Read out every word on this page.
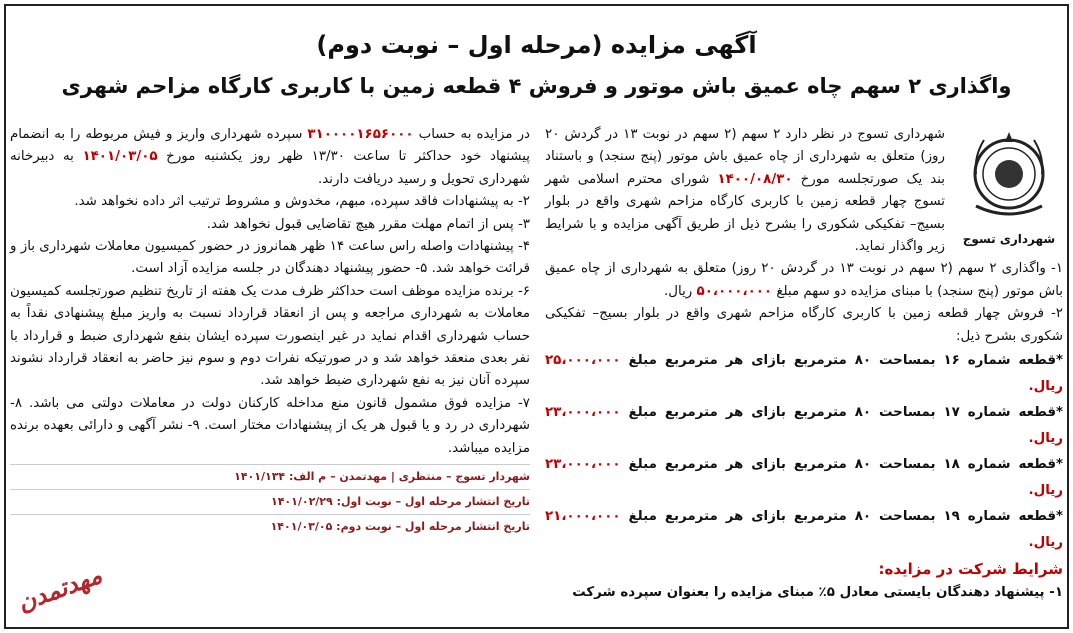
آگهی مزایده (مرحله اول – نوبت دوم)
واگذاری ۲ سهم چاه عمیق باش موتور و فروش ۴ قطعه زمین با کاربری کارگاه مزاحم شهری
شهرداری تسوج

شهرداری تسوج در نظر دارد ۲ سهم (۲ سهم در نوبت ۱۳ در گردش ۲۰ روز) متعلق به شهرداری از چاه عمیق باش موتور (پنج سنجد) و باستناد بند یک صورتجلسه مورخ ۱۴۰۰/۰۸/۳۰ شورای محترم اسلامی شهر تسوج چهار قطعه زمین با کاربری کارگاه مزاحم شهری واقع در بلوار بسیج– تفکیکی شکوری را بشرح ذیل از طریق آگهی مزایده و با شرایط زیر واگذار نماید.

۱- واگذاری ۲ سهم (۲ سهم در نوبت ۱۳ در گردش ۲۰ روز) متعلق به شهرداری از چاه عمیق باش موتور (پنج سنجد) با مبنای مزایده دو سهم مبلغ ۵۰،۰۰۰،۰۰۰ ریال.

۲- فروش چهار قطعه زمین با کاربری کارگاه مزاحم شهری واقع در بلوار بسیج– تفکیکی شکوری بشرح ذیل:

*قطعه شماره ۱۶ بمساحت ۸۰ مترمربع بازای هر مترمربع مبلغ ۲۵،۰۰۰،۰۰۰ ریال.
*قطعه شماره ۱۷ بمساحت ۸۰ مترمربع بازای هر مترمربع مبلغ ۲۳،۰۰۰،۰۰۰ ریال.
*قطعه شماره ۱۸ بمساحت ۸۰ مترمربع بازای هر مترمربع مبلغ ۲۳،۰۰۰،۰۰۰ ریال.
*قطعه شماره ۱۹ بمساحت ۸۰ مترمربع بازای هر مترمربع مبلغ ۲۱،۰۰۰،۰۰۰ ریال.
شرایط شرکت در مزایده:

۱- پیشنهاد دهندگان بایستی معادل ۵٪ مبنای مزایده را بعنوان سپرده شرکت

در مزایده به حساب ۳۱۰۰۰۰۱۶۵۶۰۰۰ سپرده شهرداری واریز و فیش مربوطه را به انضمام پیشنهاد خود حداکثر تا ساعت ۱۳/۳۰ ظهر روز یکشنبه مورخ ۱۴۰۱/۰۳/۰۵ به دبیرخانه شهرداری تحویل و رسید دریافت دارند.

۲- به پیشنهادات فاقد سپرده، مبهم، مخدوش و مشروط ترتیب اثر داده نخواهد شد.

۳- پس از اتمام مهلت مقرر هیچ تقاضایی قبول نخواهد شد.

۴- پیشنهادات واصله راس ساعت ۱۴ ظهر همانروز در حضور کمیسیون معاملات شهرداری باز و قرائت خواهد شد. ۵- حضور پیشنهاد دهندگان در جلسه مزایده آزاد است.

۶- برنده مزایده موظف است حداکثر ظرف مدت یک هفته از تاریخ تنظیم صورتجلسه کمیسیون معاملات به شهرداری مراجعه و پس از انعقاد قرارداد نسبت به واریز مبلغ پیشنهادی نقداً به حساب شهرداری اقدام نماید در غیر اینصورت سپرده ایشان بنفع شهرداری ضبط و قرارداد با نفر بعدی منعقد خواهد شد و در صورتیکه نفرات دوم و سوم نیز حاضر به انعقاد قرارداد نشوند سپرده آنان نیز به نفع شهرداری ضبط خواهد شد.

۷- مزایده فوق مشمول قانون منع مداخله کارکنان دولت در معاملات دولتی می باشد. ۸- شهرداری در رد و یا قبول هر یک از پیشنهادات مختار است. ۹- نشر آگهی و دارائی بعهده برنده مزایده میباشد.

شهردار تسوج – منتظری | مهدتمدن – م الف: ۱۴۰۱/۱۳۴
تاریخ انتشار مرحله اول – نوبت اول: ۱۴۰۱/۰۲/۲۹
تاریخ انتشار مرحله اول – نوبت دوم: ۱۴۰۱/۰۳/۰۵
مهدتمدن
